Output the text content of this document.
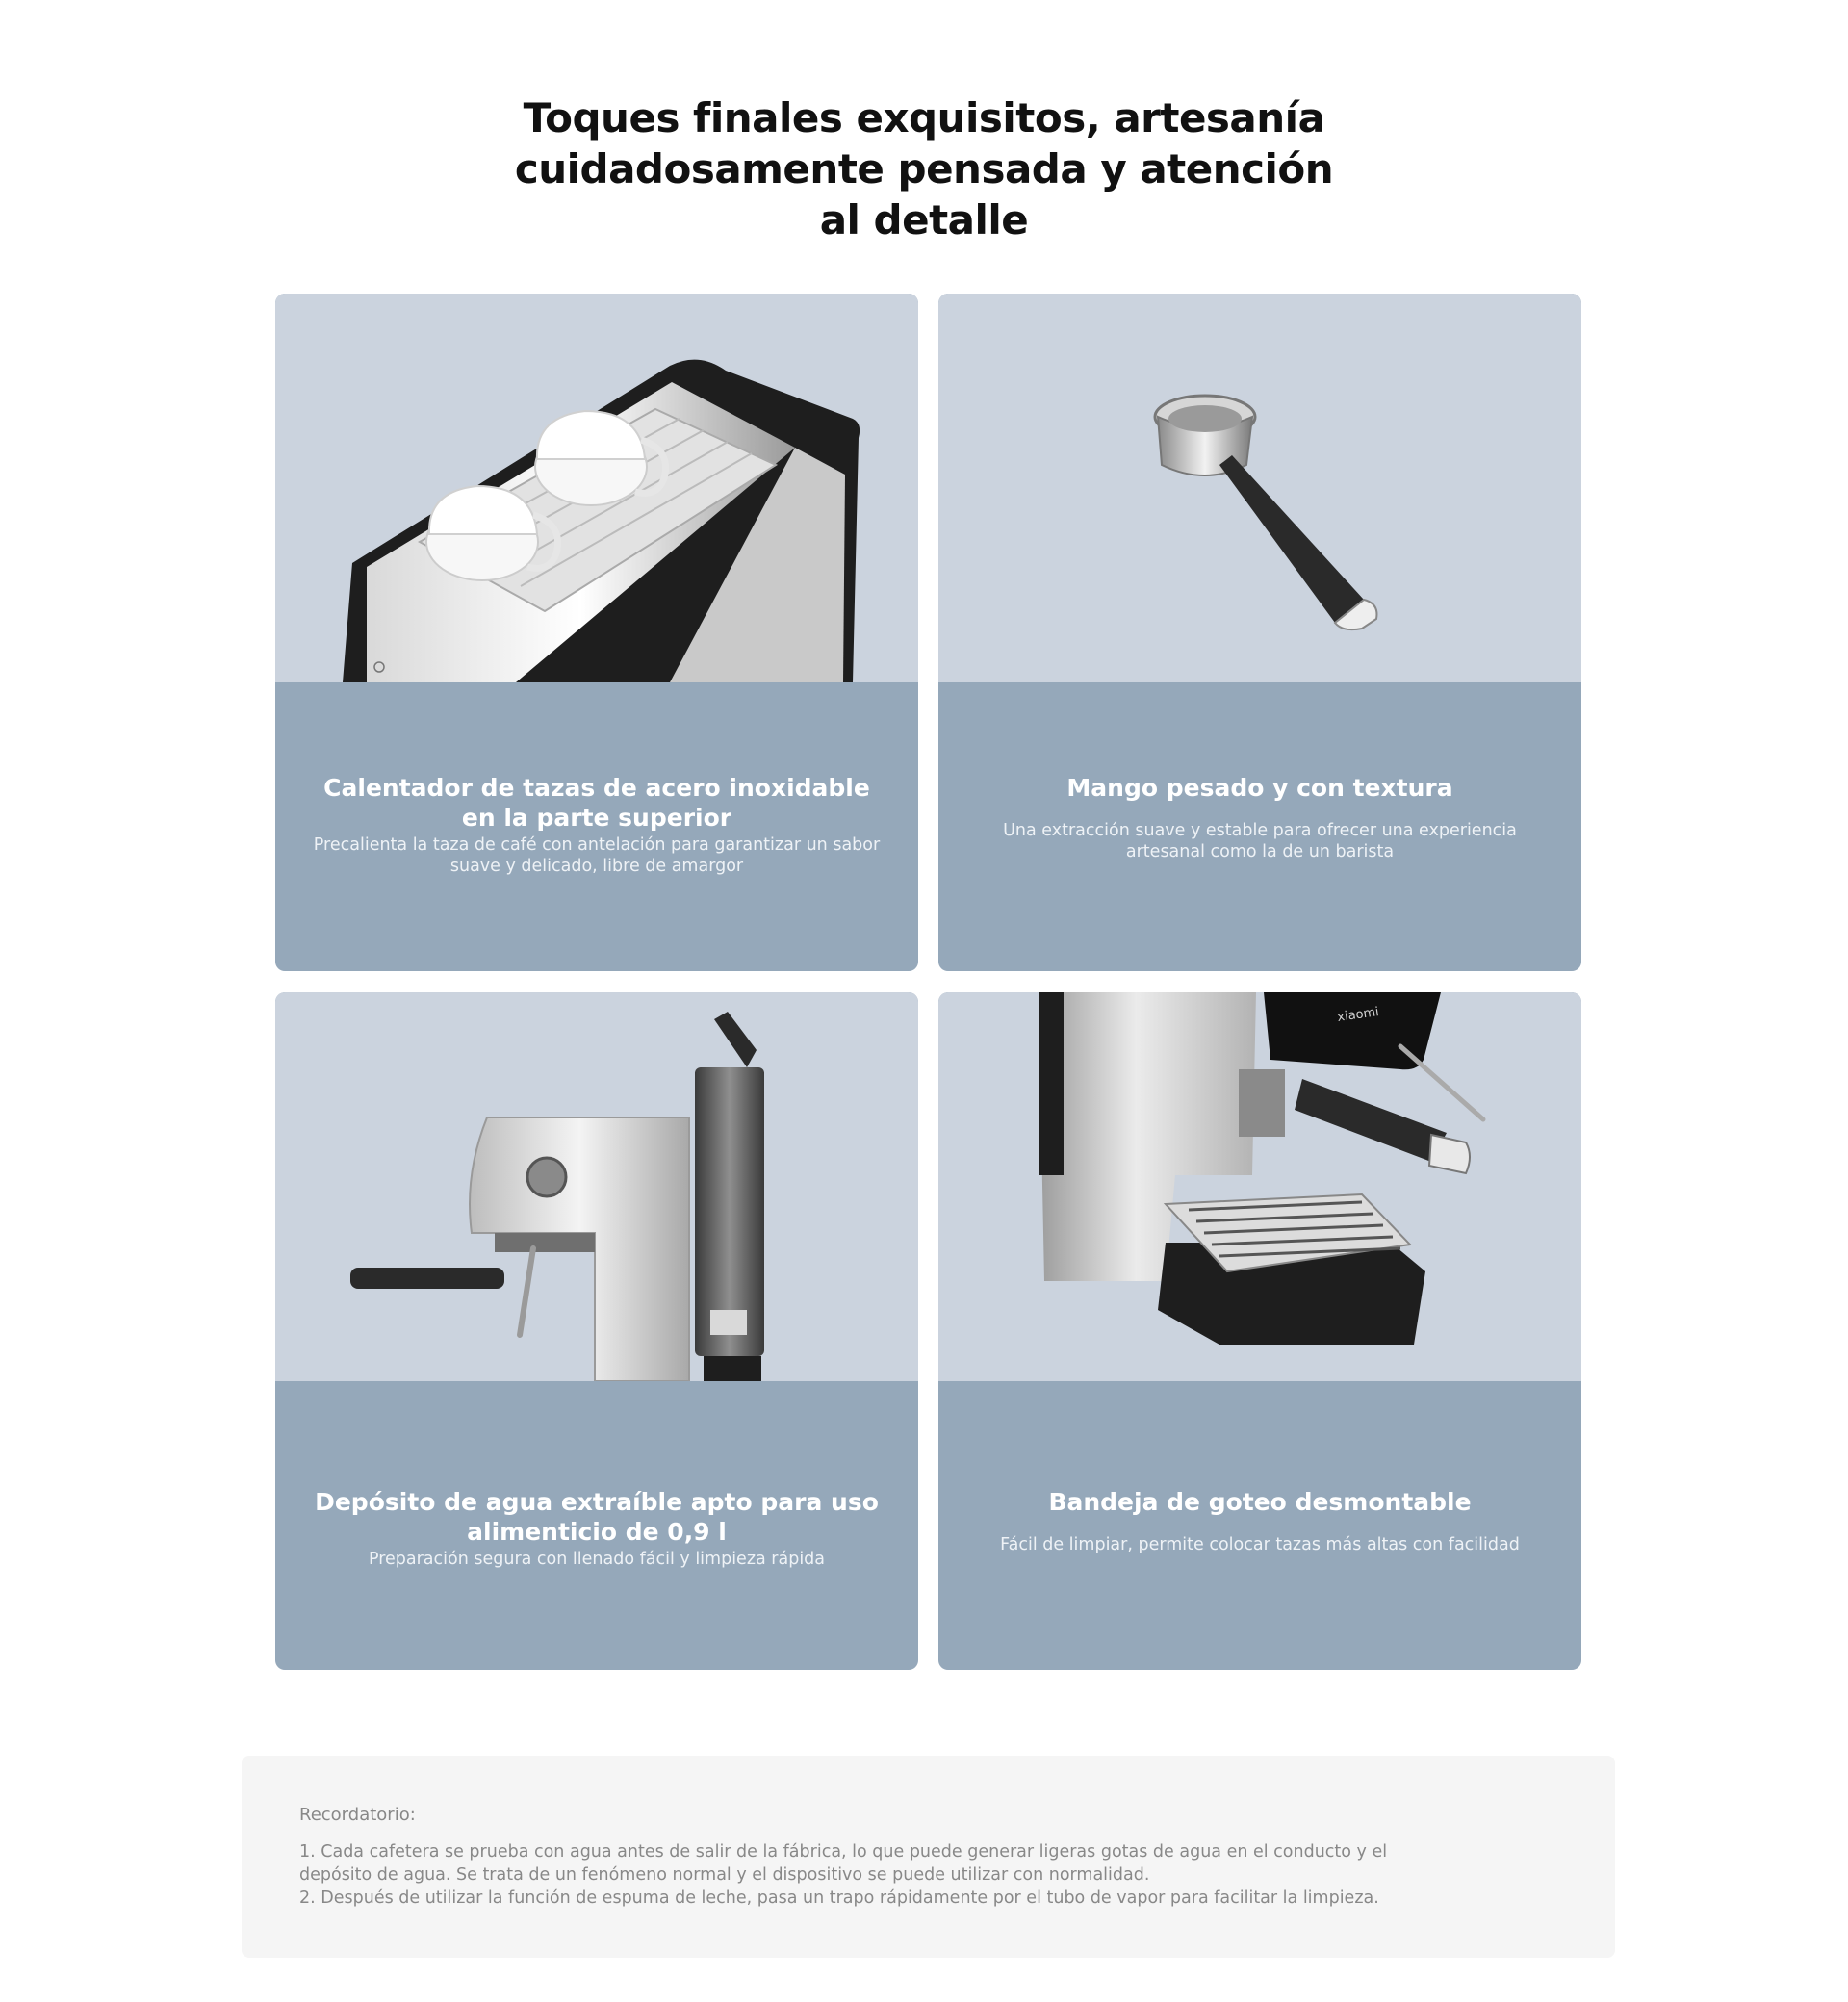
Toques finales exquisitos, artesanía
cuidadosamente pensada y atención
al detalle
Calentador de tazas de acero inoxidable
en la parte superior
Precalienta la taza de café con antelación para garantizar un sabor
suave y delicado, libre de amargor
Mango pesado y con textura
Una extracción suave y estable para ofrecer una experiencia
artesanal como la de un barista
Depósito de agua extraíble apto para uso
alimenticio de 0,9 l
Preparación segura con llenado fácil y limpieza rápida
xiaomi
Bandeja de goteo desmontable
Fácil de limpiar, permite colocar tazas más altas con facilidad
Recordatorio:
1. Cada cafetera se prueba con agua antes de salir de la fábrica, lo que puede generar ligeras gotas de agua en el conducto y el
depósito de agua. Se trata de un fenómeno normal y el dispositivo se puede utilizar con normalidad.
2. Después de utilizar la función de espuma de leche, pasa un trapo rápidamente por el tubo de vapor para facilitar la limpieza.
